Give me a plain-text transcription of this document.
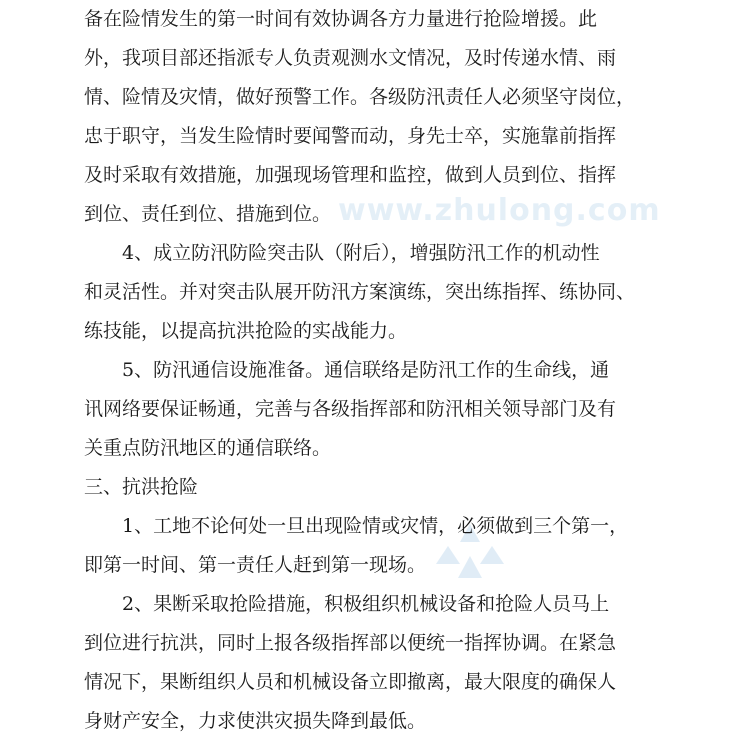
www.zhulong.com
备在险情发生的第一时间有效协调各方力量进行抢险增援。此
外，我项目部还指派专人负责观测水文情况，及时传递水情、雨
情、险情及灾情，做好预警工作。各级防汛责任人必须坚守岗位，
忠于职守，当发生险情时要闻警而动，身先士卒，实施靠前指挥
及时采取有效措施，加强现场管理和监控，做到人员到位、指挥
到位、责任到位、措施到位。
　　4、成立防汛防险突击队（附后），增强防汛工作的机动性
和灵活性。并对突击队展开防汛方案演练，突出练指挥、练协同、
练技能，以提高抗洪抢险的实战能力。
　　5、防汛通信设施准备。通信联络是防汛工作的生命线，通
讯网络要保证畅通，完善与各级指挥部和防汛相关领导部门及有
关重点防汛地区的通信联络。
三、抗洪抢险
　　1、工地不论何处一旦出现险情或灾情，必须做到三个第一，
即第一时间、第一责任人赶到第一现场。
　　2、果断采取抢险措施，积极组织机械设备和抢险人员马上
到位进行抗洪，同时上报各级指挥部以便统一指挥协调。在紧急
情况下，果断组织人员和机械设备立即撤离，最大限度的确保人
身财产安全，力求使洪灾损失降到最低。
